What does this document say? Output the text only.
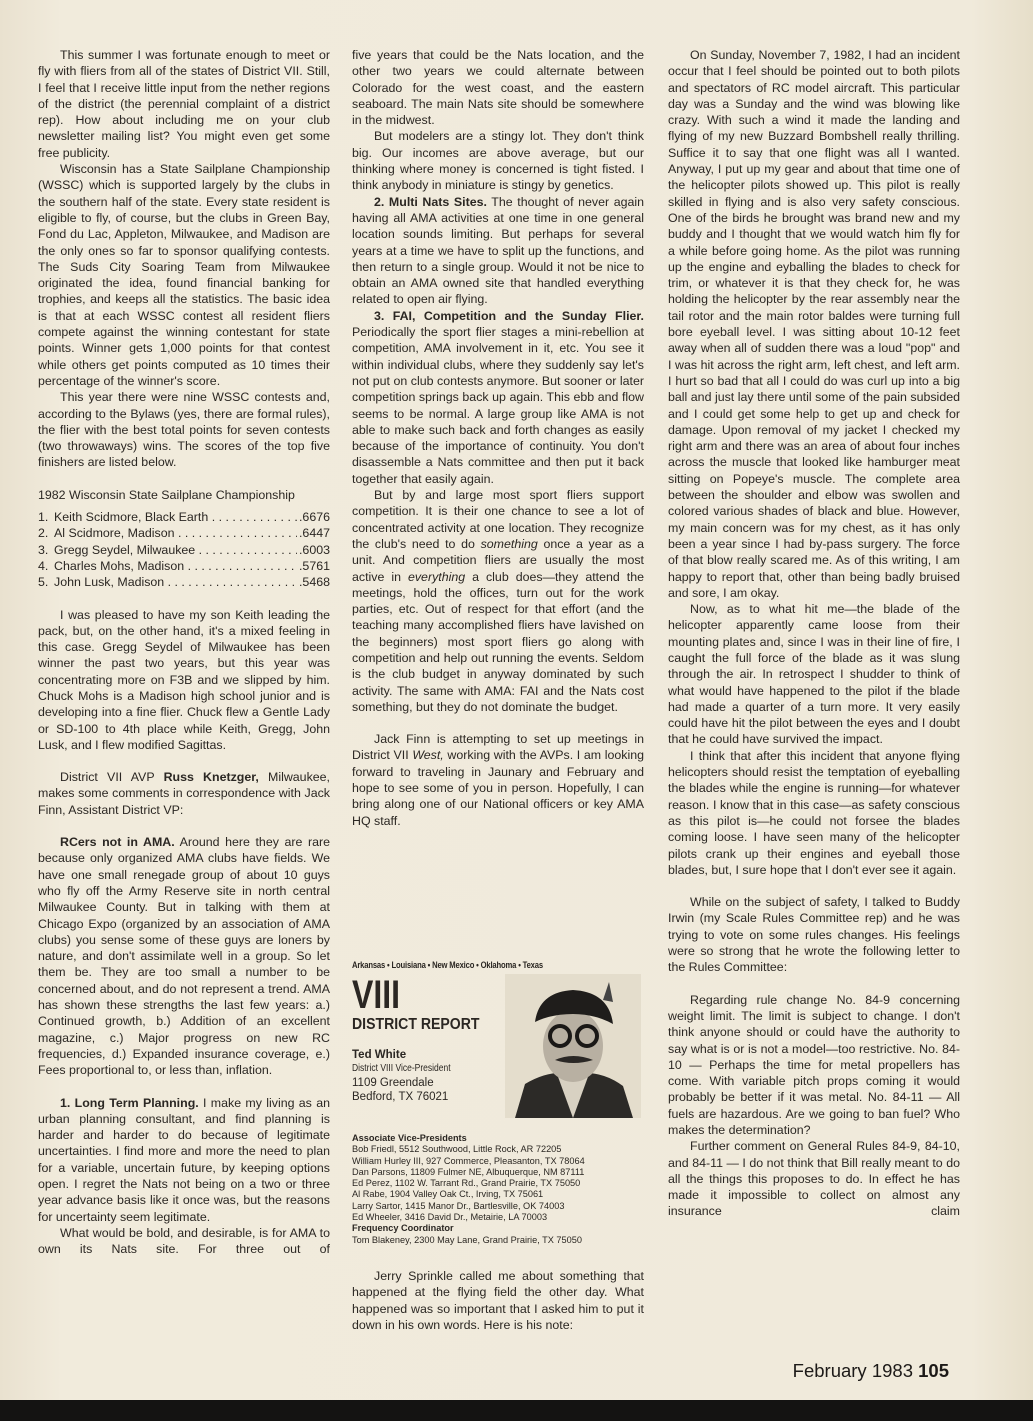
This summer I was fortunate enough to meet or fly with fliers from all of the states of District VII. Still, I feel that I receive little input from the nether regions of the district (the perennial complaint of a district rep). How about including me on your club newsletter mailing list? You might even get some free publicity.

Wisconsin has a State Sailplane Championship (WSSC) which is supported largely by the clubs in the southern half of the state. Every state resident is eligible to fly, of course, but the clubs in Green Bay, Fond du Lac, Appleton, Milwaukee, and Madison are the only ones so far to sponsor qualifying contests. The Suds City Soaring Team from Milwaukee originated the idea, found financial banking for trophies, and keeps all the statistics. The basic idea is that at each WSSC contest all resident fliers compete against the winning contestant for state points. Winner gets 1,000 points for that contest while others get points computed as 10 times their percentage of the winner's score.

This year there were nine WSSC contests and, according to the Bylaws (yes, there are formal rules), the flier with the best total points for seven contests (two throwaways) wins. The scores of the top five finishers are listed below.

1982 Wisconsin State Sailplane Championship

1. Keith Scidmore, Black Earth . . .	.6676
2. Al Scidmore, Madison . . .	.6447
3. Gregg Seydel, Milwaukee . . .	.6003
4. Charles Mohs, Madison . . .	.5761
5. John Lusk, Madison . . .	.5468

I was pleased to have my son Keith leading the pack, but, on the other hand, it's a mixed feeling in this case. Gregg Seydel of Milwaukee has been winner the past two years, but this year was concentrating more on F3B and we slipped by him. Chuck Mohs is a Madison high school junior and is developing into a fine flier. Chuck flew a Gentle Lady or SD-100 to 4th place while Keith, Gregg, John Lusk, and I flew modified Sagittas.

District VII AVP Russ Knetzger, Milwaukee, makes some comments in correspondence with Jack Finn, Assistant District VP:

RCers not in AMA. Around here they are rare because only organized AMA clubs have fields. We have one small renegade group of about 10 guys who fly off the Army Reserve site in north central Milwaukee County. But in talking with them at Chicago Expo (organized by an association of AMA clubs) you sense some of these guys are loners by nature, and don't assimilate well in a group. So let them be. They are too small a number to be concerned about, and do not represent a trend. AMA has shown these strengths the last few years: a.) Continued growth, b.) Addition of an excellent magazine, c.) Major progress on new RC frequencies, d.) Expanded insurance coverage, e.) Fees proportional to, or less than, inflation.

1. Long Term Planning. I make my living as an urban planning consultant, and find planning is harder and harder to do because of legitimate uncertainties. I find more and more the need to plan for a variable, uncertain future, by keeping options open. I regret the Nats not being on a two or three year advance basis like it once was, but the reasons for uncertainty seem legitimate.

What would be bold, and desirable, is for AMA to own its Nats site. For three out of

five years that could be the Nats location, and the other two years we could alternate between Colorado for the west coast, and the eastern seaboard. The main Nats site should be somewhere in the midwest.

But modelers are a stingy lot. They don't think big. Our incomes are above average, but our thinking where money is concerned is tight fisted. I think anybody in miniature is stingy by genetics.

2. Multi Nats Sites. The thought of never again having all AMA activities at one time in one general location sounds limiting. But perhaps for several years at a time we have to split up the functions, and then return to a single group. Would it not be nice to obtain an AMA owned site that handled everything related to open air flying.

3. FAI, Competition and the Sunday Flier. Periodically the sport flier stages a mini-rebellion at competition, AMA involvement in it, etc. You see it within individual clubs, where they suddenly say let's not put on club contests anymore. But sooner or later competition springs back up again. This ebb and flow seems to be normal. A large group like AMA is not able to make such back and forth changes as easily because of the importance of continuity. You don't disassemble a Nats committee and then put it back together that easily again.

But by and large most sport fliers support competition. It is their one chance to see a lot of concentrated activity at one location. They recognize the club's need to do something once a year as a unit. And competition fliers are usually the most active in everything a club does—they attend the meetings, hold the offices, turn out for the work parties, etc. Out of respect for that effort (and the teaching many accomplished fliers have lavished on the beginners) most sport fliers go along with competition and help out running the events. Seldom is the club budget in anyway dominated by such activity. The same with AMA: FAI and the Nats cost something, but they do not dominate the budget.

Jack Finn is attempting to set up meetings in District VII West, working with the AVPs. I am looking forward to traveling in Jaunary and February and hope to see some of you in person. Hopefully, I can bring along one of our National officers or key AMA HQ staff.

On Sunday, November 7, 1982, I had an incident occur that I feel should be pointed out to both pilots and spectators of RC model aircraft. This particular day was a Sunday and the wind was blowing like crazy. With such a wind it made the landing and flying of my new Buzzard Bombshell really thrilling. Suffice it to say that one flight was all I wanted. Anyway, I put up my gear and about that time one of the helicopter pilots showed up. This pilot is really skilled in flying and is also very safety conscious. One of the birds he brought was brand new and my buddy and I thought that we would watch him fly for a while before going home. As the pilot was running up the engine and eyballing the blades to check for trim, or whatever it is that they check for, he was holding the helicopter by the rear assembly near the tail rotor and the main rotor baldes were turning full bore eyeball level. I was sitting about 10-12 feet away when all of sudden there was a loud "pop" and I was hit across the right arm, left chest, and left arm. I hurt so bad that all I could do was curl up into a big ball and just lay there until some of the pain subsided and I could get some help to get up and check for damage. Upon removal of my jacket I checked my right arm and there was an area of about four inches across the muscle that looked like hamburger meat sitting on Popeye's muscle. The complete area between the shoulder and elbow was swollen and colored various shades of black and blue. However, my main concern was for my chest, as it has only been a year since I had by-pass surgery. The force of that blow really scared me. As of this writing, I am happy to report that, other than being badly bruised and sore, I am okay.

Now, as to what hit me—the blade of the helicopter apparently came loose from their mounting plates and, since I was in their line of fire, I caught the full force of the blade as it was slung through the air. In retrospect I shudder to think of what would have happened to the pilot if the blade had made a quarter of a turn more. It very easily could have hit the pilot between the eyes and I doubt that he could have survived the impact.

I think that after this incident that anyone flying helicopters should resist the temptation of eyeballing the blades while the engine is running—for whatever reason. I know that in this case—as safety conscious as this pilot is—he could not forsee the blades coming loose. I have seen many of the helicopter pilots crank up their engines and eyeball those blades, but, I sure hope that I don't ever see it again.

While on the subject of safety, I talked to Buddy Irwin (my Scale Rules Committee rep) and he was trying to vote on some rules changes. His feelings were so strong that he wrote the following letter to the Rules Committee:

Regarding rule change No. 84-9 concerning weight limit. The limit is subject to change. I don't think anyone should or could have the authority to say what is or is not a model—too restrictive. No. 84-10 — Perhaps the time for metal propellers has come. With variable pitch props coming it would probably be better if it was metal. No. 84-11 — All fuels are hazardous. Are we going to ban fuel? Who makes the determination?

Further comment on General Rules 84-9, 84-10, and 84-11 — I do not think that Bill really meant to do all the things this proposes to do. In effect he has made it impossible to collect on almost any insurance claim

Arkansas • Louisiana • New Mexico • Oklahoma • Texas
VIII
DISTRICT REPORT
Ted White
District VIII Vice-President
1109 Greendale
Bedford, TX 76021
Associate Vice-Presidents
Bob Friedl, 5512 Southwood, Little Rock, AR 72205
William Hurley III, 927 Commerce, Pleasanton, TX 78064
Dan Parsons, 11809 Fulmer NE, Albuquerque, NM 87111
Ed Perez, 1102 W. Tarrant Rd., Grand Prairie, TX 75050
Al Rabe, 1904 Valley Oak Ct., Irving, TX 75061
Larry Sartor, 1415 Manor Dr., Bartlesville, OK 74003
Ed Wheeler, 3416 David Dr., Metairie, LA 70003
Frequency Coordinator
Tom Blakeney, 2300 May Lane, Grand Prairie, TX 75050

Jerry Sprinkle called me about something that happened at the flying field the other day. What happened was so important that I asked him to put it down in his own words. Here is his note:

February 1983 105
